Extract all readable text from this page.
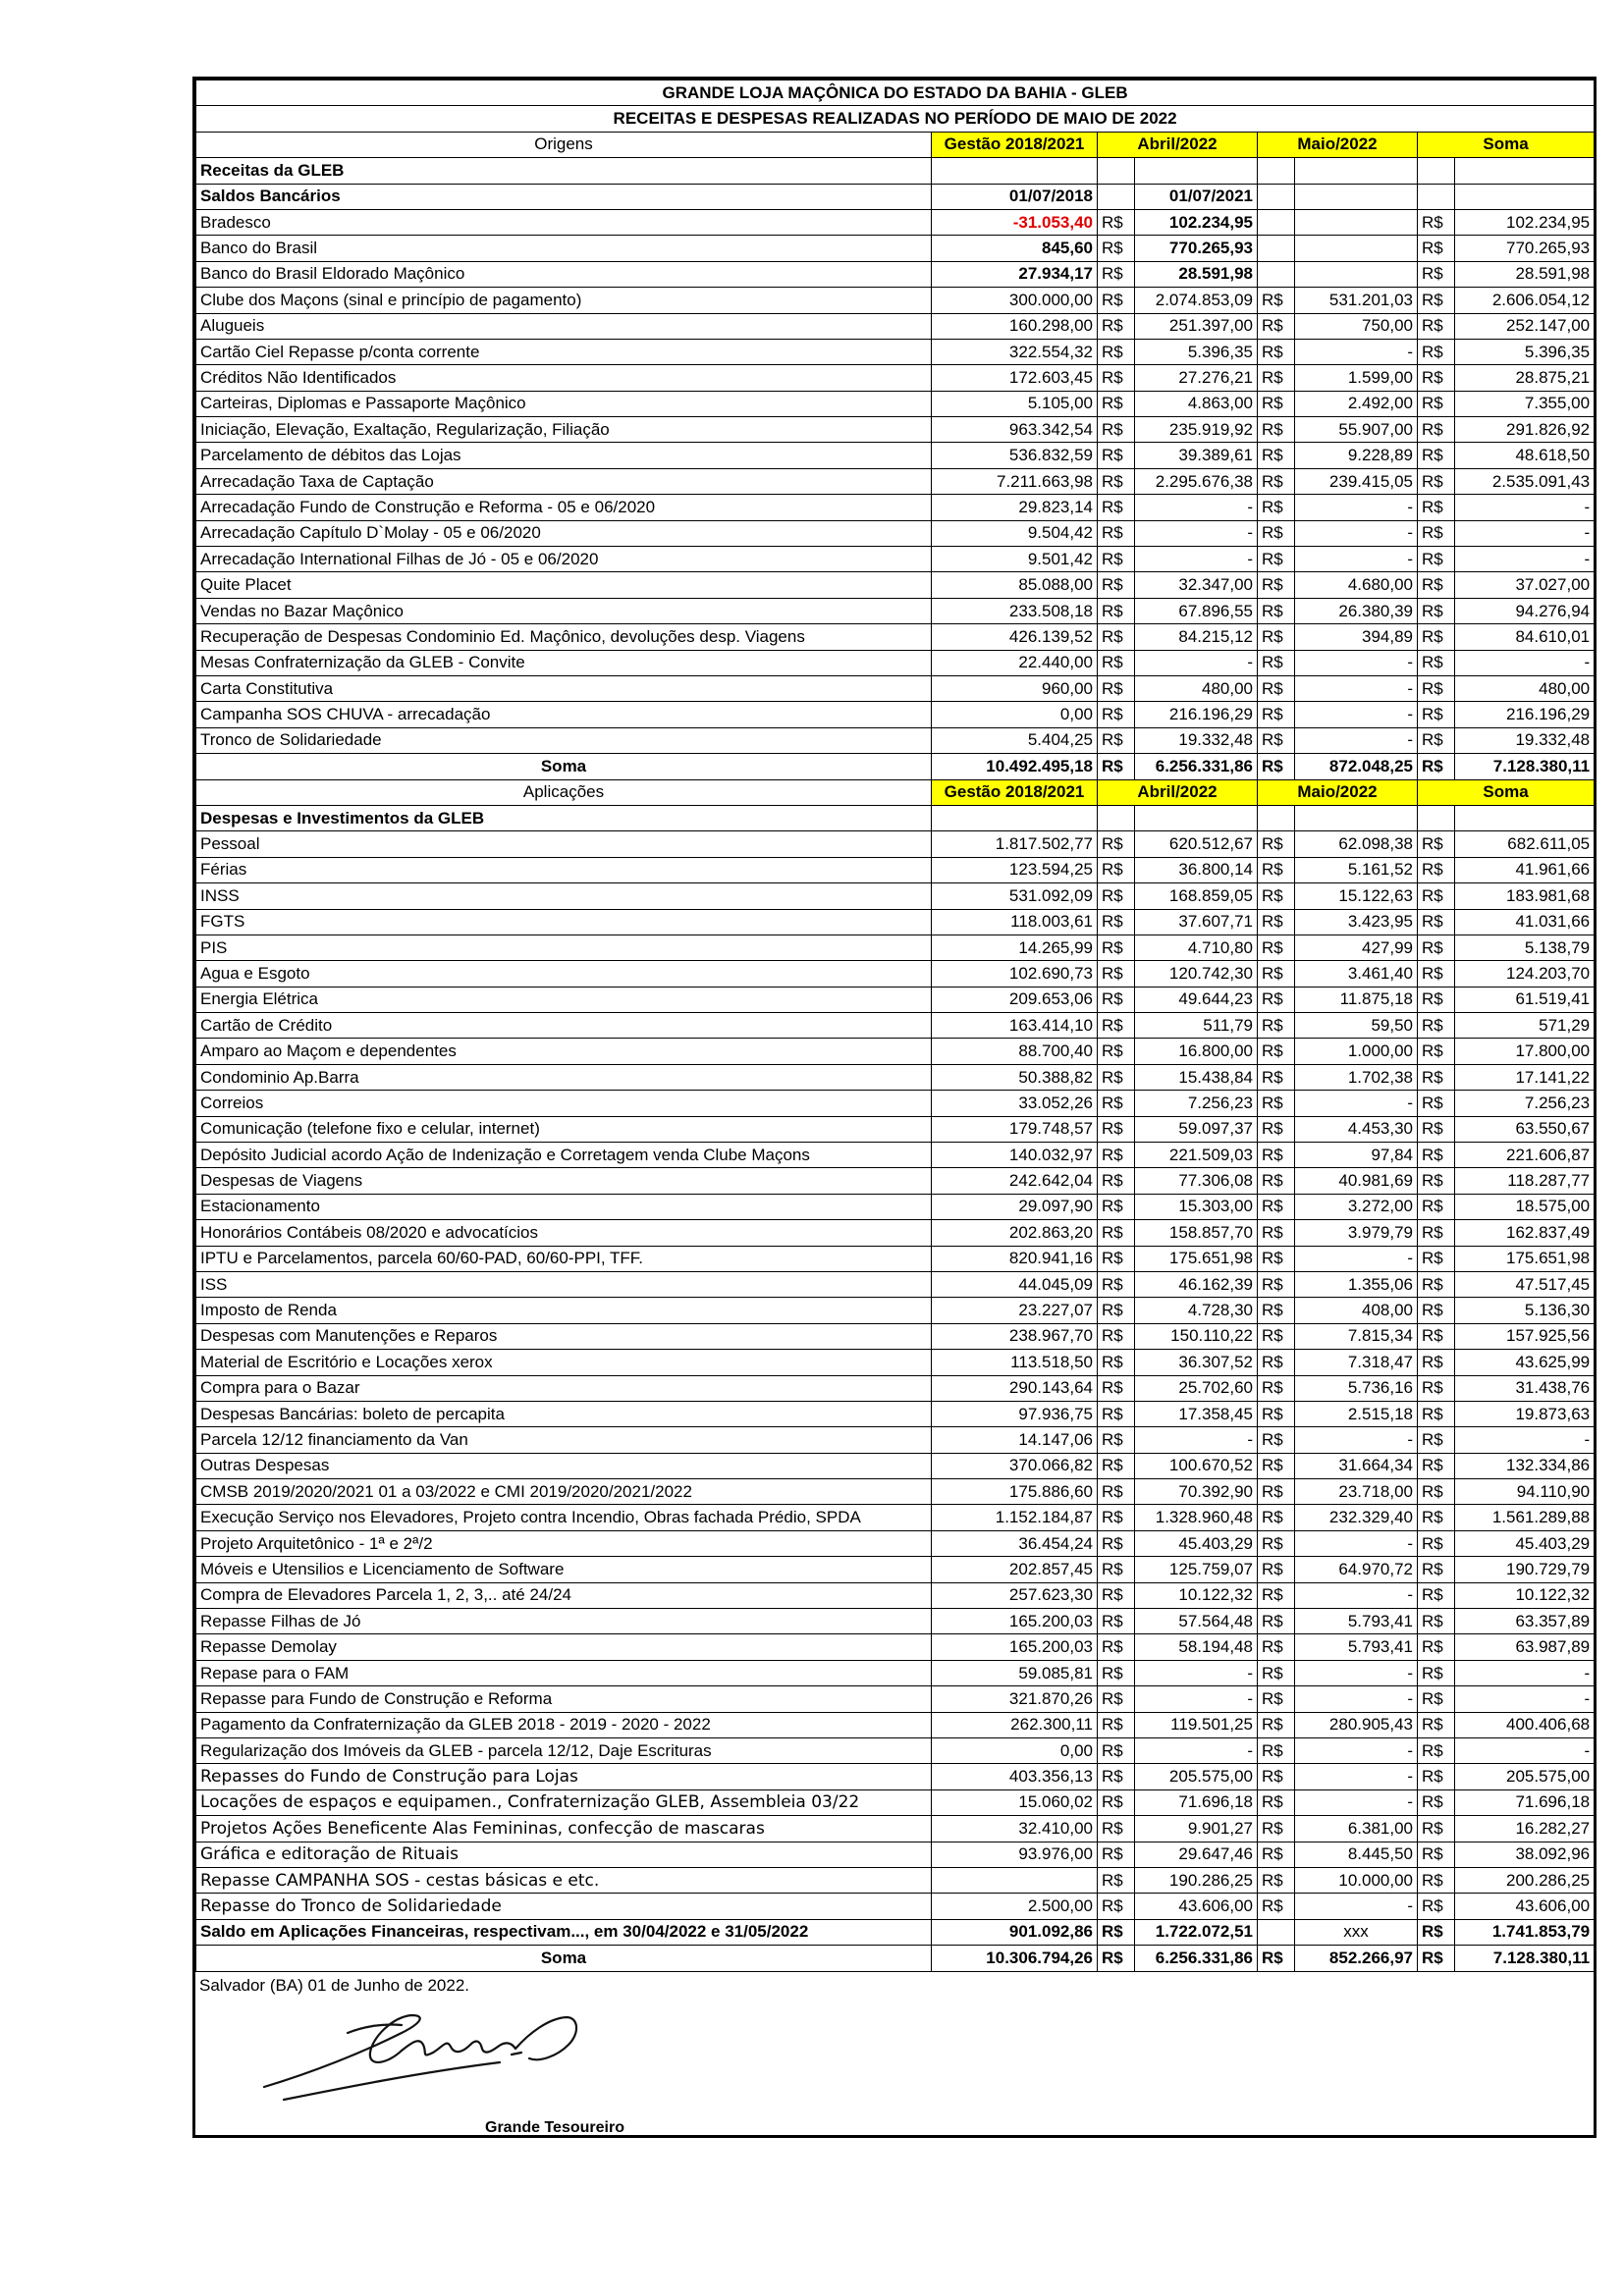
GRANDE LOJA MAÇÔNICA DO ESTADO DA BAHIA - GLEB							
RECEITAS E DESPESAS REALIZADAS NO PERÍODO DE MAIO DE 2022							
Origens	Gestão 2018/2021	Abril/2022		Maio/2022		Soma	
Receitas da GLEB							
Saldos Bancários	01/07/2018		01/07/2021				
Bradesco	-31.053,40	R$	102.234,95			R$	102.234,95
Banco do Brasil	845,60	R$	770.265,93			R$	770.265,93
Banco do Brasil Eldorado Maçônico	27.934,17	R$	28.591,98			R$	28.591,98
Clube dos Maçons (sinal e princípio de pagamento)	300.000,00	R$	2.074.853,09	R$	531.201,03	R$	2.606.054,12
Alugueis	160.298,00	R$	251.397,00	R$	750,00	R$	252.147,00
Cartão Ciel Repasse p/conta corrente	322.554,32	R$	5.396,35	R$	-	R$	5.396,35
Créditos Não Identificados	172.603,45	R$	27.276,21	R$	1.599,00	R$	28.875,21
Carteiras, Diplomas e Passaporte Maçônico	5.105,00	R$	4.863,00	R$	2.492,00	R$	7.355,00
Iniciação, Elevação, Exaltação, Regularização, Filiação	963.342,54	R$	235.919,92	R$	55.907,00	R$	291.826,92
Parcelamento de débitos das Lojas	536.832,59	R$	39.389,61	R$	9.228,89	R$	48.618,50
Arrecadação Taxa de Captação	7.211.663,98	R$	2.295.676,38	R$	239.415,05	R$	2.535.091,43
Arrecadação Fundo de Construção e Reforma - 05 e 06/2020	29.823,14	R$	-	R$	-	R$	-
Arrecadação Capítulo D`Molay - 05 e 06/2020	9.504,42	R$	-	R$	-	R$	-
Arrecadação International Filhas de Jó - 05 e 06/2020	9.501,42	R$	-	R$	-	R$	-
Quite Placet	85.088,00	R$	32.347,00	R$	4.680,00	R$	37.027,00
Vendas no Bazar Maçônico	233.508,18	R$	67.896,55	R$	26.380,39	R$	94.276,94
Recuperação de Despesas Condominio Ed. Maçônico, devoluções desp. Viagens	426.139,52	R$	84.215,12	R$	394,89	R$	84.610,01
Mesas Confraternização da GLEB - Convite	22.440,00	R$	-	R$	-	R$	-
Carta Constitutiva	960,00	R$	480,00	R$	-	R$	480,00
Campanha SOS CHUVA - arrecadação	0,00	R$	216.196,29	R$	-	R$	216.196,29
Tronco de Solidariedade	5.404,25	R$	19.332,48	R$	-	R$	19.332,48
Soma	10.492.495,18	R$	6.256.331,86	R$	872.048,25	R$	7.128.380,11
Aplicações	Gestão 2018/2021	Abril/2022		Maio/2022		Soma	
Despesas e Investimentos da GLEB							
Pessoal	1.817.502,77	R$	620.512,67	R$	62.098,38	R$	682.611,05
Férias	123.594,25	R$	36.800,14	R$	5.161,52	R$	41.961,66
INSS	531.092,09	R$	168.859,05	R$	15.122,63	R$	183.981,68
FGTS	118.003,61	R$	37.607,71	R$	3.423,95	R$	41.031,66
PIS	14.265,99	R$	4.710,80	R$	427,99	R$	5.138,79
Agua e Esgoto	102.690,73	R$	120.742,30	R$	3.461,40	R$	124.203,70
Energia Elétrica	209.653,06	R$	49.644,23	R$	11.875,18	R$	61.519,41
Cartão de Crédito	163.414,10	R$	511,79	R$	59,50	R$	571,29
Amparo ao Maçom e dependentes	88.700,40	R$	16.800,00	R$	1.000,00	R$	17.800,00
Condominio Ap.Barra	50.388,82	R$	15.438,84	R$	1.702,38	R$	17.141,22
Correios	33.052,26	R$	7.256,23	R$	-	R$	7.256,23
Comunicação (telefone fixo e celular, internet)	179.748,57	R$	59.097,37	R$	4.453,30	R$	63.550,67
Depósito Judicial acordo Ação de Indenização e Corretagem venda Clube Maçons	140.032,97	R$	221.509,03	R$	97,84	R$	221.606,87
Despesas de Viagens	242.642,04	R$	77.306,08	R$	40.981,69	R$	118.287,77
Estacionamento	29.097,90	R$	15.303,00	R$	3.272,00	R$	18.575,00
Honorários Contábeis 08/2020 e advocatícios	202.863,20	R$	158.857,70	R$	3.979,79	R$	162.837,49
IPTU e Parcelamentos, parcela 60/60-PAD, 60/60-PPI, TFF.	820.941,16	R$	175.651,98	R$	-	R$	175.651,98
ISS	44.045,09	R$	46.162,39	R$	1.355,06	R$	47.517,45
Imposto de Renda	23.227,07	R$	4.728,30	R$	408,00	R$	5.136,30
Despesas com Manutenções e Reparos	238.967,70	R$	150.110,22	R$	7.815,34	R$	157.925,56
Material de Escritório e Locações xerox	113.518,50	R$	36.307,52	R$	7.318,47	R$	43.625,99
Compra para o Bazar	290.143,64	R$	25.702,60	R$	5.736,16	R$	31.438,76
Despesas Bancárias: boleto de percapita	97.936,75	R$	17.358,45	R$	2.515,18	R$	19.873,63
Parcela 12/12 financiamento da Van	14.147,06	R$	-	R$	-	R$	-
Outras Despesas	370.066,82	R$	100.670,52	R$	31.664,34	R$	132.334,86
CMSB 2019/2020/2021 01 a 03/2022 e CMI 2019/2020/2021/2022	175.886,60	R$	70.392,90	R$	23.718,00	R$	94.110,90
Execução Serviço nos Elevadores, Projeto contra Incendio, Obras fachada Prédio, SPDA	1.152.184,87	R$	1.328.960,48	R$	232.329,40	R$	1.561.289,88
Projeto Arquitetônico - 1ª e 2ª/2	36.454,24	R$	45.403,29	R$	-	R$	45.403,29
Móveis e Utensilios e Licenciamento de Software	202.857,45	R$	125.759,07	R$	64.970,72	R$	190.729,79
Compra de Elevadores Parcela 1, 2, 3,.. até 24/24	257.623,30	R$	10.122,32	R$	-	R$	10.122,32
Repasse Filhas de Jó	165.200,03	R$	57.564,48	R$	5.793,41	R$	63.357,89
Repasse Demolay	165.200,03	R$	58.194,48	R$	5.793,41	R$	63.987,89
Repase para o FAM	59.085,81	R$	-	R$	-	R$	-
Repasse para Fundo de Construção e Reforma	321.870,26	R$	-	R$	-	R$	-
Pagamento da Confraternização da GLEB 2018 - 2019 - 2020 - 2022	262.300,11	R$	119.501,25	R$	280.905,43	R$	400.406,68
Regularização dos Imóveis da GLEB - parcela 12/12, Daje Escrituras	0,00	R$	-	R$	-	R$	-
Repasses do Fundo de Construção para Lojas	403.356,13	R$	205.575,00	R$	-	R$	205.575,00
Locações de espaços e equipamen., Confraternização GLEB, Assembleia 03/22	15.060,02	R$	71.696,18	R$	-	R$	71.696,18
Projetos Ações Beneficente Alas Femininas, confecção de mascaras	32.410,00	R$	9.901,27	R$	6.381,00	R$	16.282,27
Gráfica e editoração de Rituais	93.976,00	R$	29.647,46	R$	8.445,50	R$	38.092,96
Repasse CAMPANHA SOS - cestas básicas e etc.		R$	190.286,25	R$	10.000,00	R$	200.286,25
Repasse do Tronco de Solidariedade	2.500,00	R$	43.606,00	R$	-	R$	43.606,00
Saldo em Aplicações Financeiras, respectivam..., em 30/04/2022 e 31/05/2022	901.092,86	R$	1.722.072,51		xxx	R$	1.741.853,79
Soma	10.306.794,26	R$	6.256.331,86	R$	852.266,97	R$	7.128.380,11
Salvador (BA) 01 de Junho de 2022.
Grande Tesoureiro
